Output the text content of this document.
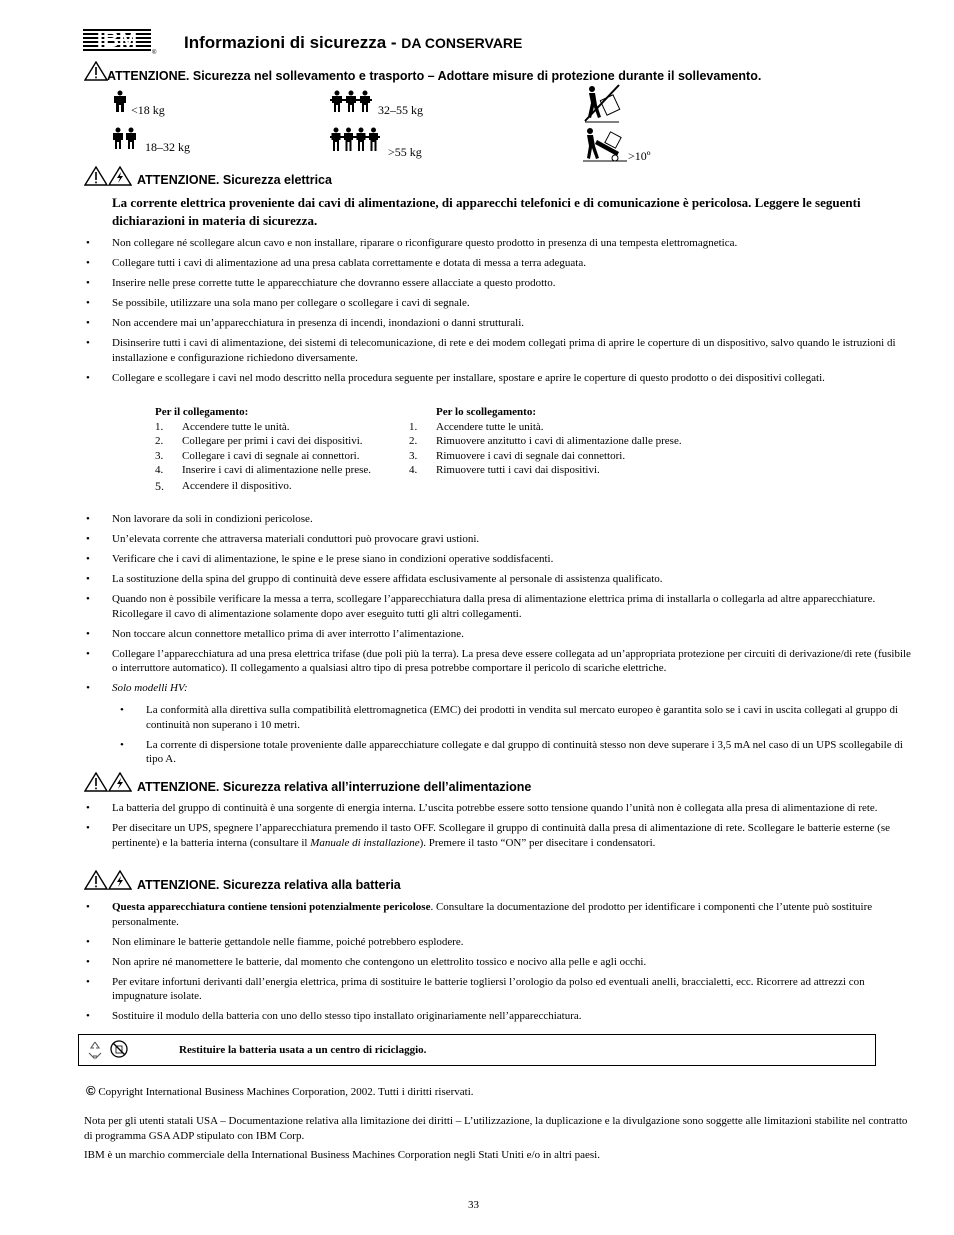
IBM
®
Informazioni di sicurezza - DA CONSERVARE
ATTENZIONE. Sicurezza nel sollevamento e trasporto – Adottare misure di protezione durante il sollevamento.
<18 kg
18–32 kg
32–55 kg
>55 kg	>10º
ATTENZIONE. Sicurezza elettrica
La corrente elettrica proveniente dai cavi di alimentazione, di apparecchi telefonici e di comunicazione è pericolosa. Leggere le seguenti dichiarazioni in materia di sicurezza.
• Non collegare né scollegare alcun cavo e non installare, riparare o riconfigurare questo prodotto in presenza di una tempesta elettromagnetica.
• Collegare tutti i cavi di alimentazione ad una presa cablata correttamente e dotata di messa a terra adeguata.
• Inserire nelle prese corrette tutte le apparecchiature che dovranno essere allacciate a questo prodotto.
• Se possibile, utilizzare una sola mano per collegare o scollegare i cavi di segnale.
• Non accendere mai un’apparecchiatura in presenza di incendi, inondazioni o danni strutturali.
• Disinserire tutti i cavi di alimentazione, dei sistemi di telecomunicazione, di rete e dei modem collegati prima di aprire le coperture di un dispositivo, salvo quando le istruzioni di installazione e configurazione richiedono diversamente.
• Collegare e scollegare i cavi nel modo descritto nella procedura seguente per installare, spostare e aprire le coperture di questo prodotto o dei dispositivi collegati.
Per il collegamento:
1.	Accendere tutte le unità.
2.	Collegare per primi i cavi dei dispositivi.
3.	Collegare i cavi di segnale ai connettori.
4.	Inserire i cavi di alimentazione nelle prese.
5.	Accendere il dispositivo.
Per lo scollegamento:
1.	Accendere tutte le unità.
2.	Rimuovere anzitutto i cavi di alimentazione dalle prese.
3.	Rimuovere i cavi di segnale dai connettori.
4.	Rimuovere tutti i cavi dai dispositivi.
• Non lavorare da soli in condizioni pericolose.
• Un’elevata corrente che attraversa materiali conduttori può provocare gravi ustioni.
• Verificare che i cavi di alimentazione, le spine e le prese siano in condizioni operative soddisfacenti.
• La sostituzione della spina del gruppo di continuità deve essere affidata esclusivamente al personale di assistenza qualificato.
• Quando non è possibile verificare la messa a terra, scollegare l’apparecchiatura dalla presa di alimentazione elettrica prima di installarla o collegarla ad altre apparecchiature. Ricollegare il cavo di alimentazione solamente dopo aver eseguito tutti gli altri collegamenti.
• Non toccare alcun connettore metallico prima di aver interrotto l’alimentazione.
• Collegare l’apparecchiatura ad una presa elettrica trifase (due poli più la terra). La presa deve essere collegata ad un’appropriata protezione per circuiti di derivazione/di rete (fusibile o interruttore automatico). Il collegamento a qualsiasi altro tipo di presa potrebbe comportare il pericolo di scariche elettriche.
• Solo modelli HV:
• La conformità alla direttiva sulla compatibilità elettromagnetica (EMC) dei prodotti in vendita sul mercato europeo è garantita solo se i cavi in uscita collegati al gruppo di continuità non superano i 10 metri.
• La corrente di dispersione totale proveniente dalle apparecchiature collegate e dal gruppo di continuità stesso non deve superare i 3,5 mA nel caso di un UPS scollegabile di tipo A.
ATTENZIONE. Sicurezza relativa all’interruzione dell’alimentazione
• La batteria del gruppo di continuità è una sorgente di energia interna. L’uscita potrebbe essere sotto tensione quando l’unità non è collegata alla presa di alimentazione di rete.
• Per disecitare un UPS, spegnere l’apparecchiatura premendo il tasto OFF. Scollegare il gruppo di continuità dalla presa di alimentazione di rete. Scollegare le batterie esterne (se pertinente) e la batteria interna (consultare il Manuale di installazione). Premere il tasto “ON” per disecitare i condensatori.
ATTENZIONE. Sicurezza relativa alla batteria
• Questa apparecchiatura contiene tensioni potenzialmente pericolose. Consultare la documentazione del prodotto per identificare i componenti che l’utente può sostituire personalmente.
• Non eliminare le batterie gettandole nelle fiamme, poiché potrebbero esplodere.
• Non aprire né manomettere le batterie, dal momento che contengono un elettrolito tossico e nocivo alla pelle e agli occhi.
• Per evitare infortuni derivanti dall’energia elettrica, prima di sostituire le batterie togliersi l’orologio da polso ed eventuali anelli, braccialetti, ecc. Ricorrere ad attrezzi con impugnature isolate.
• Sostituire il modulo della batteria con uno dello stesso tipo installato originariamente nell’apparecchiatura.
Restituire la batteria usata a un centro di riciclaggio.
© Copyright International Business Machines Corporation, 2002. Tutti i diritti riservati.
Nota per gli utenti statali USA – Documentazione relativa alla limitazione dei diritti – L’utilizzazione, la duplicazione e la divulgazione sono soggette alle limitazioni stabilite nel contratto di programma GSA ADP stipulato con IBM Corp.
IBM è un marchio commerciale della International Business Machines Corporation negli Stati Uniti e/o in altri paesi.
33
